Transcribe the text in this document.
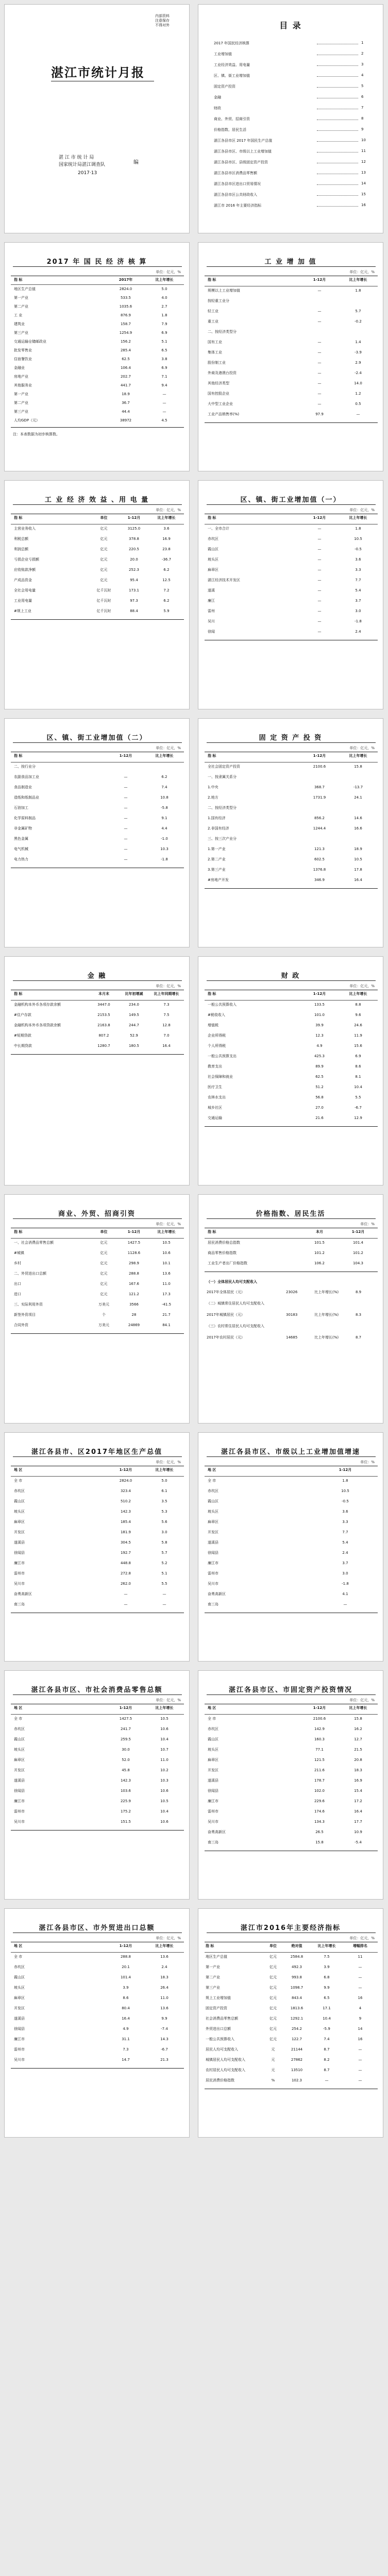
内部资料
注意保存
不得对外
湛江市统计月报
湛 江 市 统 计 局
国家统计局湛江调查队	编
2017·13
目 录
2017 年国民经济核算	1
工业增加值	2
工业经济效益、用电量	3
区、镇、街工业增加值	4
固定资产投资	5
金融	6
财政	7
商业、外贸、招商引资	8
价格指数、居民生活	9
湛江各县市区 2017 年国民生产总值	10
湛江各县市区、市级以上工业增加值	11
湛江各县市区、县级固定资产投资	12
湛江各县市区消费品零售额	13
湛江各县市区进出口贸易情况	14
湛江各县市区公共财政收入	15
湛江市 2016 年主要经济指标	16
2017 年 国 民 经 济 核 算
单位：亿元，%
指 标	2017年	比上年增长
地区生产总值	2824.0	5.0
第一产业	533.5	4.0
第二产业	1035.6	2.7
工 业	876.9	1.8
建筑业	158.7	7.9
第三产业	1254.9	6.9
交通运输仓储邮政业	156.2	5.1
批发零售业	285.4	6.5
住宿餐饮业	62.5	3.8
金融业	106.4	6.9
房地产业	202.7	7.1
其他服务业	441.7	9.4
第一产业	18.9	—
第二产业	36.7	—
第三产业	44.4	—
人均GDP（元）	38972	4.5
注：本表数据为初步核算数。
工 业 增 加 值
单位：亿元，%
指 标	1-12月	比上年增长
规模以上工业增加值	—	1.8
按轻重工业分
轻工业	—	5.7
重工业	—	-0.2
二、按经济类型分
国有工业	—	1.4
集体工业	—	-3.9
股份制工业	—	2.9
外商及港澳台投资	—	-2.4
其他经济类型	—	14.0
国有控股企业	—	1.2
大中型工业企业	—	0.5
工业产品销售率(%)	97.9	—
工 业 经 济 效 益 、用 电 量
单位：亿元，%
指 标	单位	1-12月	比上年增长
主营业务收入	亿元	3125.0	3.6
利税总额	亿元	378.8	16.9
利润总额	亿元	220.5	23.8
亏损企业亏损额	亿元	20.0	-36.7
应收账款净额	亿元	252.3	6.2
产成品资金	亿元	95.4	12.5
全社会用电量	亿千瓦时	173.1	7.2
工业用电量	亿千瓦时	97.3	6.2
#规上工业	亿千瓦时	88.4	5.9
区、镇、街工业增加值（一）
单位：亿元，%
指 标	1-12月	比上年增长
一、全市合计	—	1.8
赤坎区	—	10.5
霞山区	—	-0.5
坡头区	—	3.6
麻章区	—	3.3
湛江经济技术开发区	—	7.7
遂溪	—	5.4
廉江	—	3.7
雷州	—	3.0
吴川	—	-1.8
徐闻	—	2.4
区、镇、街工业增加值（二）
单位：亿元，%
指 标	1-12月	比上年增长
二、按行业分
农副食品加工业	—	6.2
食品制造业	—	7.4
造纸和纸制品业	—	10.8
石油加工	—	-5.8
化学原料制品	—	9.1
非金属矿物	—	4.4
黑色金属	—	-1.0
电气机械	—	10.3
电力热力	—	-1.8
固 定 资 产 投 资
单位：亿元，%
指 标	1-12月	比上年增长
全社会固定资产投资	2100.6	15.8
一、按隶属关系分
1.中央	368.7	-13.7
2.地方	1731.9	24.1
二、按经济类型分
1.国有经济	856.2	14.6
2.非国有经济	1244.4	16.6
三、按三次产业分
1.第一产业	121.3	18.9
2.第二产业	602.5	10.5
3.第三产业	1376.8	17.8
#房地产开发	346.9	16.4
金 融
单位：亿元，%
指 标	本月末	比年初增减	比上年同期增长
金融机构本外币各项存款余额	3447.0	234.0	7.3
#住户存款	2153.5	149.5	7.5
金融机构本外币各项贷款余额	2163.8	244.7	12.8
#短期贷款	807.2	52.9	7.0
中长期贷款	1280.7	180.5	16.4
财 政
单位：亿元，%
指 标	1-12月	比上年增长
一般公共预算收入	133.5	8.8
#税收收入	101.0	9.6
增值税	39.9	24.6
企业所得税	12.3	11.9
个人所得税	4.9	15.6
一般公共预算支出	425.3	6.9
教育支出	89.9	8.6
社会保障和就业	62.5	8.1
医疗卫生	51.2	10.4
农林水支出	56.8	5.5
城乡社区	27.0	-6.7
交通运输	21.6	12.9
商业、外贸、招商引资
单位：亿元，%
指 标	单位	1-12月	比上年增长
一、社会消费品零售总额	亿元	1427.5	10.5
#城镇	亿元	1128.6	10.6
乡村	亿元	298.9	10.1
二、外贸进出口总额	亿元	288.8	13.6
出口	亿元	167.6	11.0
进口	亿元	121.2	17.3
三、实际利用外资	万美元	3566	-41.5
新签外资项目	个	28	21.7
合同外资	万美元	24869	84.1
价格指数、居民生活
单位：%
指 标	本月	1-12月
居民消费价格总指数	101.5	101.4
商品零售价格指数	101.2	101.2
工业生产者出厂价格指数	106.2	104.3
（一）全体居民人均可支配收入
2017年全体居民（元）	23026	比上年增长(%)	8.9
（二）城镇常住居民人均可支配收入
2017年城镇居民（元）	30183	比上年增长(%)	8.3
（三）农村常住居民人均可支配收入
2017年农村居民（元）	14685	比上年增长(%)	8.7
湛江各县市、区2017年地区生产总值
单位：亿元，%
地 区	1-12月	比上年增长
全 市	2824.0	5.0
赤坎区	323.4	6.1
霞山区	510.2	3.5
坡头区	142.3	5.3
麻章区	185.4	5.6
开发区	181.9	3.0
遂溪县	304.5	5.8
徐闻县	192.7	5.7
廉江市	448.8	5.2
雷州市	272.8	5.1
吴川市	262.0	5.5
奋勇高新区	—	—
南三岛	—	—
湛江各县市区、市级以上工业增加值增速
单位：%
地 区	1-12月
全 市	1.8
赤坎区	10.5
霞山区	-0.5
坡头区	3.6
麻章区	3.3
开发区	7.7
遂溪县	5.4
徐闻县	2.4
廉江市	3.7
雷州市	3.0
吴川市	-1.8
奋勇高新区	4.1
南三岛	—
湛江各县市区、市社会消费品零售总额
单位：亿元，%
地 区	1-12月	比上年增长
全 市	1427.5	10.5
赤坎区	241.7	10.6
霞山区	259.5	10.4
坡头区	30.0	10.7
麻章区	52.0	11.0
开发区	45.8	10.2
遂溪县	142.3	10.3
徐闻县	103.6	10.6
廉江市	225.9	10.5
雷州市	175.2	10.4
吴川市	151.5	10.6
湛江各县市区、市固定资产投资情况
单位：亿元，%
地 区	1-12月	比上年增长
全 市	2100.6	15.8
赤坎区	142.9	16.2
霞山区	160.3	12.7
坡头区	77.1	21.5
麻章区	121.5	20.8
开发区	211.6	18.3
遂溪县	178.7	16.9
徐闻县	102.0	15.4
廉江市	229.6	17.2
雷州市	174.6	16.4
吴川市	134.3	17.7
奋勇高新区	26.5	10.9
南三岛	15.8	-5.4
湛江各县市区、市外贸进出口总额
单位：亿元，%
地 区	1-12月	比上年增长
全 市	288.8	13.6
赤坎区	20.1	2.4
霞山区	101.4	18.3
坡头区	3.9	26.4
麻章区	8.6	11.0
开发区	80.4	13.6
遂溪县	16.4	9.9
徐闻县	4.9	-7.4
廉江市	31.1	14.3
雷州市	7.3	-6.7
吴川市	14.7	21.3
湛江市2016年主要经济指标
单位：亿元，%
指 标	单位	绝对值	比上年增长	增幅排名
地区生产总值	亿元	2584.8	7.5	11
第一产业	亿元	492.3	3.9	—
第二产业	亿元	993.8	6.8	—
第三产业	亿元	1098.7	9.9	—
规上工业增加值	亿元	843.4	6.5	16
固定资产投资	亿元	1813.6	17.1	4
社会消费品零售总额	亿元	1292.1	10.4	9
外贸进出口总额	亿元	254.2	-5.9	14
一般公共预算收入	亿元	122.7	7.4	16
居民人均可支配收入	元	21144	8.7	—
城镇居民人均可支配收入	元	27862	8.2	—
农村居民人均可支配收入	元	13510	8.7	—
居民消费价格指数	%	102.3	—	—
